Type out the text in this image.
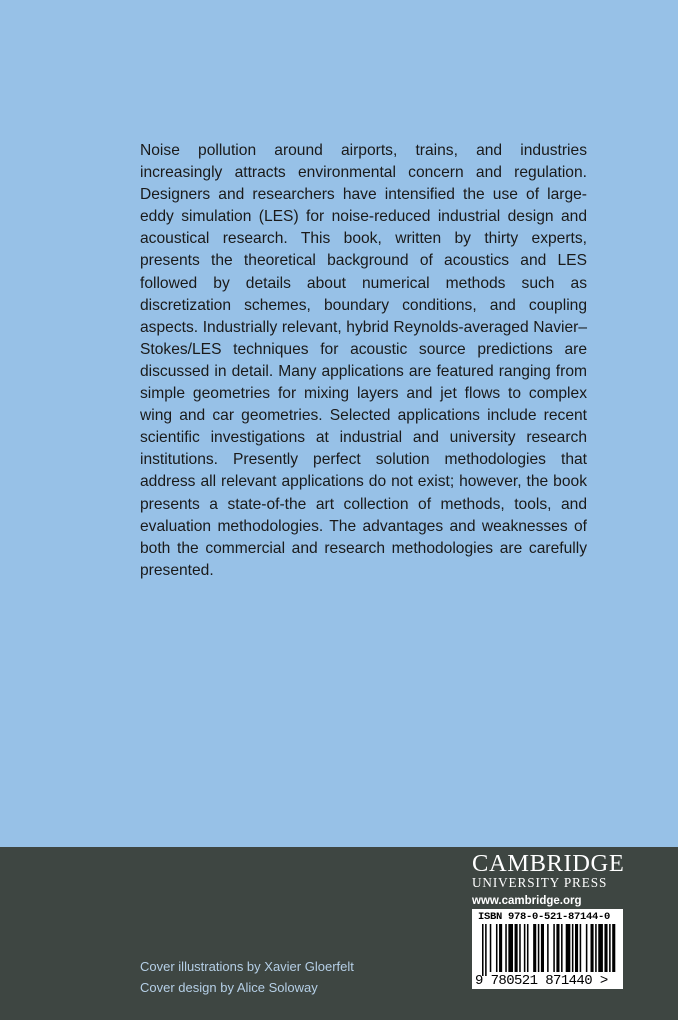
Noise pollution around airports, trains, and industries increasingly attracts environmental concern and regulation. Designers and researchers have intensified the use of large-eddy simulation (LES) for noise-reduced industrial design and acoustical research. This book, written by thirty experts, presents the theoretical background of acoustics and LES followed by details about numerical methods such as discretization schemes, boundary conditions, and coupling aspects. Industrially relevant, hybrid Reynolds-averaged Navier–Stokes/LES techniques for acoustic source predictions are discussed in detail. Many applications are featured ranging from simple geometries for mixing layers and jet flows to complex wing and car geometries. Selected applications include recent scientific investigations at industrial and university research institutions. Presently perfect solution methodologies that address all relevant applications do not exist; however, the book presents a state-of-the art collection of methods, tools, and evaluation methodologies. The advantages and weaknesses of both the commercial and research methodologies are carefully presented.

CAMBRIDGE
UNIVERSITY PRESS
www.cambridge.org
ISBN 978-0-521-87144-0
9 780521 871440 >
Cover illustrations by Xavier Gloerfelt
Cover design by Alice Soloway
